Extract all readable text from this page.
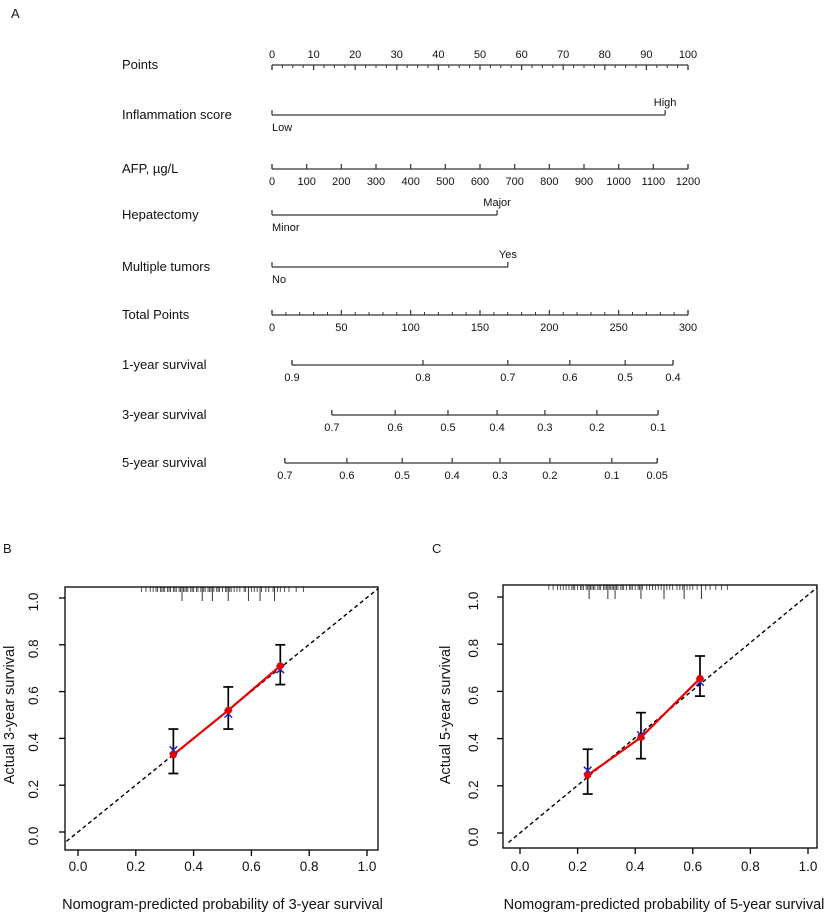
A
Points
0	10	20	30	40	50	60	70	80	90 100
Inflammation score
Low
High
AFP, µg/L
0 100 200 300 400 500 600 700 800 900 1000 1100 1200
Hepatectomy
Minor
Major
Multiple tumors
No
Yes
Total Points
0	50	100	150	200	250	300
1-year survival
0.9	0.8	0.7	0.6	0.5	0.4
3-year survival
0.7	0.6	0.5	0.4	0.3	0.2	0.1
5-year survival
0.7	0.6	0.5	0.4	0.3	0.2	0.1 0.05
B
0.0	0.2	0.4	0.6	0.8	1.0
0.0
0.2
0.4
0.6
0.8
1.0
Nomogram-predicted probability of 3-year survival
Actual 3-year survival
C
0.0	0.2	0.4	0.6	0.8	1.0
0.0
0.2
0.4
0.6
0.8
1.0
Nomogram-predicted probability of 5-year survival
Actual 5-year survival
